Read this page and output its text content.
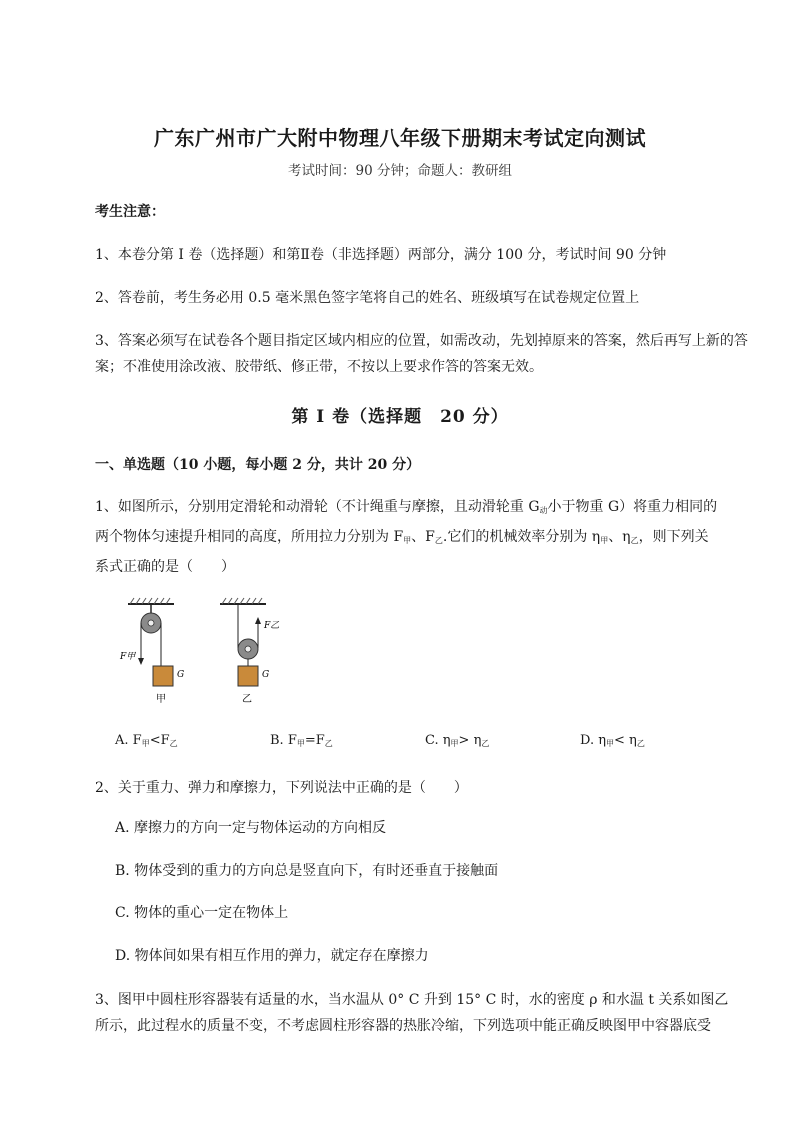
广东广州市广大附中物理八年级下册期末考试定向测试
考试时间：90 分钟；命题人：教研组
考生注意：
1、本卷分第 I 卷（选择题）和第Ⅱ卷（非选择题）两部分，满分 100 分，考试时间 90 分钟
2、答卷前，考生务必用 0.5 毫米黑色签字笔将自己的姓名、班级填写在试卷规定位置上
3、答案必须写在试卷各个题目指定区域内相应的位置，如需改动，先划掉原来的答案，然后再写上新的答案；不准使用涂改液、胶带纸、修正带，不按以上要求作答的答案无效。
第 I 卷（选择题　20 分）
一、单选题（10 小题，每小题 2 分，共计 20 分）
1、如图所示，分别用定滑轮和动滑轮（不计绳重与摩擦，且动滑轮重 $G_动$小于物重 G）将重力相同的
两个物体匀速提升相同的高度，所用拉力分别为 $F_甲$、$F_乙$.它们的机械效率分别为 $\eta_甲$、$\eta_乙$，则下列关
系式正确的是（　　）
F甲
G
甲
F乙
G
乙
A. $F_甲<F_乙$	B. $F_甲=F_乙$	C. $\eta_甲> \eta_乙$	D. $\eta_甲< \eta_乙$
2、关于重力、弹力和摩擦力，下列说法中正确的是（　　）
A. 摩擦力的方向一定与物体运动的方向相反
B. 物体受到的重力的方向总是竖直向下，有时还垂直于接触面
C. 物体的重心一定在物体上
D. 物体间如果有相互作用的弹力，就定存在摩擦力
3、图甲中圆柱形容器装有适量的水，当水温从 0° C 升到 15° C 时，水的密度 ρ 和水温 t 关系如图乙
所示，此过程水的质量不变，不考虑圆柱形容器的热胀冷缩，下列选项中能正确反映图甲中容器底受
